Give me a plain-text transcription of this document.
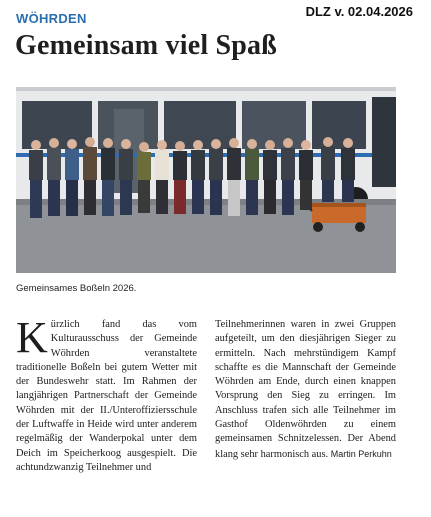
WÖHRDEN	DLZ v. 02.04.2026
Gemeinsam viel Spaß
Gemeinsames Boßeln 2026.

Kürzlich fand das vom Kulturausschuss der Gemeinde Wöhrden veranstaltete traditionelle Boßeln bei gutem Wetter mit der Bundeswehr statt. Im Rahmen der langjährigen Partnerschaft der Gemeinde Wöhrden mit der II./Unteroffiziersschule der Luftwaffe in Heide wird unter anderem regelmäßig der Wanderpokal unter dem Deich im Speicherkoog ausgespielt. Die achtundzwanzig Teilnehmer und

Teilnehmerinnen waren in zwei Gruppen aufgeteilt, um den diesjährigen Sieger zu ermitteln. Nach mehrstündigem Kampf schaffte es die Mannschaft der Gemeinde Wöhrden am Ende, durch einen knappen Vorsprung den Sieg zu erringen. Im Anschluss trafen sich alle Teilnehmer im Gasthof Oldenwöhrden zu einem gemeinsamen Schnitzelessen. Der Abend klang sehr harmonisch aus. Martin Perkuhn
